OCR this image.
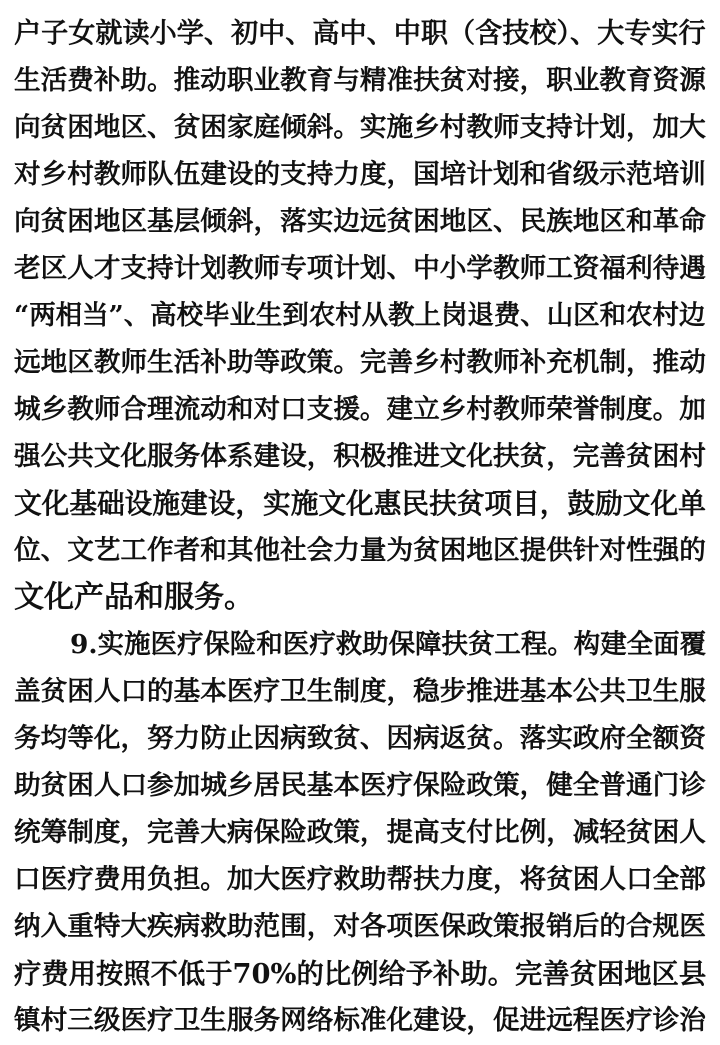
户子女就读小学、初中、高中、中职（含技校）、大专实行
生活费补助。推动职业教育与精准扶贫对接，职业教育资源
向贫困地区、贫困家庭倾斜。实施乡村教师支持计划，加大
对乡村教师队伍建设的支持力度，国培计划和省级示范培训
向贫困地区基层倾斜，落实边远贫困地区、民族地区和革命
老区人才支持计划教师专项计划、中小学教师工资福利待遇
“两相当”、高校毕业生到农村从教上岗退费、山区和农村边
远地区教师生活补助等政策。完善乡村教师补充机制，推动
城乡教师合理流动和对口支援。建立乡村教师荣誉制度。加
强公共文化服务体系建设，积极推进文化扶贫，完善贫困村
文化基础设施建设，实施文化惠民扶贫项目，鼓励文化单
位、文艺工作者和其他社会力量为贫困地区提供针对性强的
文化产品和服务。
9.实施医疗保险和医疗救助保障扶贫工程。构建全面覆
盖贫困人口的基本医疗卫生制度，稳步推进基本公共卫生服
务均等化，努力防止因病致贫、因病返贫。落实政府全额资
助贫困人口参加城乡居民基本医疗保险政策，健全普通门诊
统筹制度，完善大病保险政策，提高支付比例，减轻贫困人
口医疗费用负担。加大医疗救助帮扶力度，将贫困人口全部
纳入重特大疾病救助范围，对各项医保政策报销后的合规医
疗费用按照不低于70%的比例给予补助。完善贫困地区县
镇村三级医疗卫生服务网络标准化建设，促进远程医疗诊治
